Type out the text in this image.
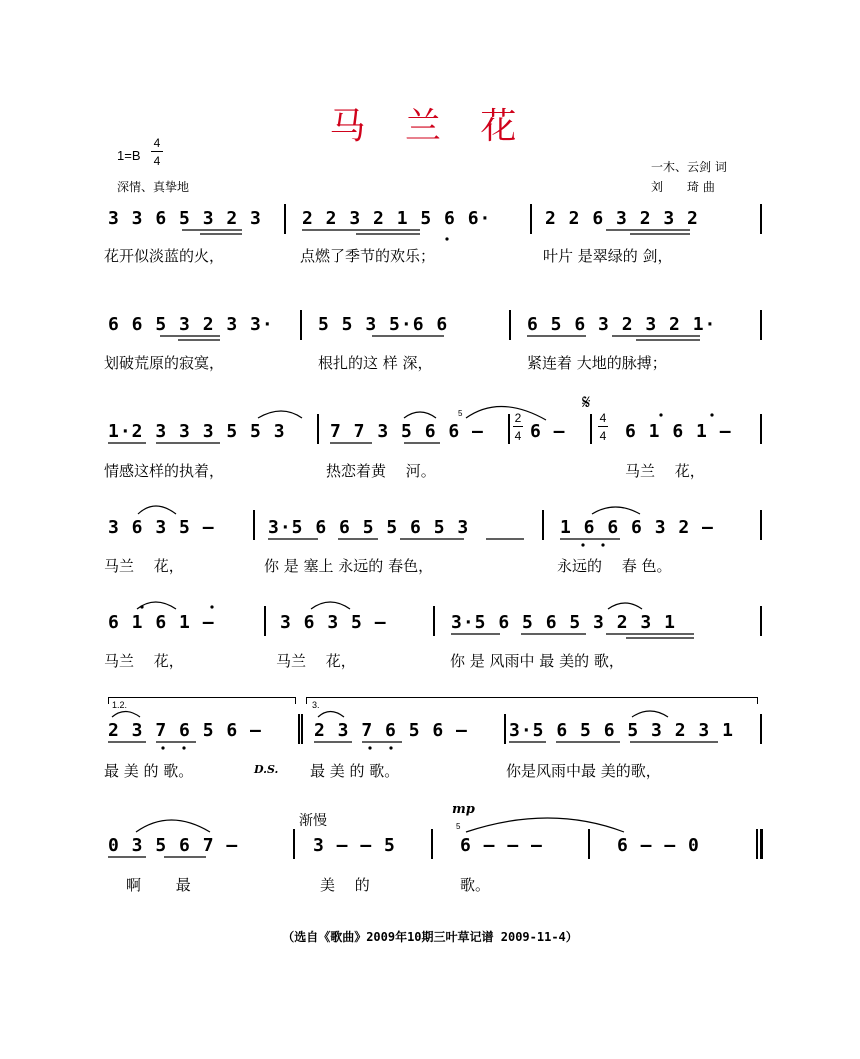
马 兰 花
1=B
4
4
深情、真挚地
一木、云剑 词
刘　　琦 曲
3 3 6 5 3 2 3 2 2 3 2 1 5 6 6·	2 2 6 3 2 3 2
花开似淡蓝的火，	点燃了季节的欢乐；	叶片 是翠绿的 剑，
6 6 5 3 2 3 3· 5 5 3 5·6 6	6 5 6 3 2 3 2 1·
划破荒原的寂寞，	根扎的这 样 深，	紧连着 大地的脉搏；
1·2 3 3 3 5 5 3 7 7 3 5 6 6 —	6 —	6 1 6 1 —
情感这样的执着，	热恋着黄　 河。	马兰　 花，
2
4
4
4
𝄋
5
3 6 3 5 —	3·5 6 6 5 5 6 5 3	1 6 6 6 3 2 —
马兰　 花，	你 是 塞上 永远的 春色，	永远的　 春 色。
6 1 6 1 —	3 6 3 5 —	3·5 6 5 6 5 3 2 3 1
马兰　 花，	马兰　 花，	你 是 风雨中 最 美的 歌，
1.2.	3.
2 3 7 6 5 6 —	2 3 7 6 5 6 — 3·5 6 5 6 5 3 2 3 1
最 美 的 歌。	D.S. 最 美 的 歌。	你是风雨中最 美的歌，
渐慢
mp
5
0 3 5 6 7 —	3 — — 5	6 — — —	6 — — 0
啊　　 最	美　 的	歌。
（选自《歌曲》2009年10期三叶草记谱 2009-11-4）
